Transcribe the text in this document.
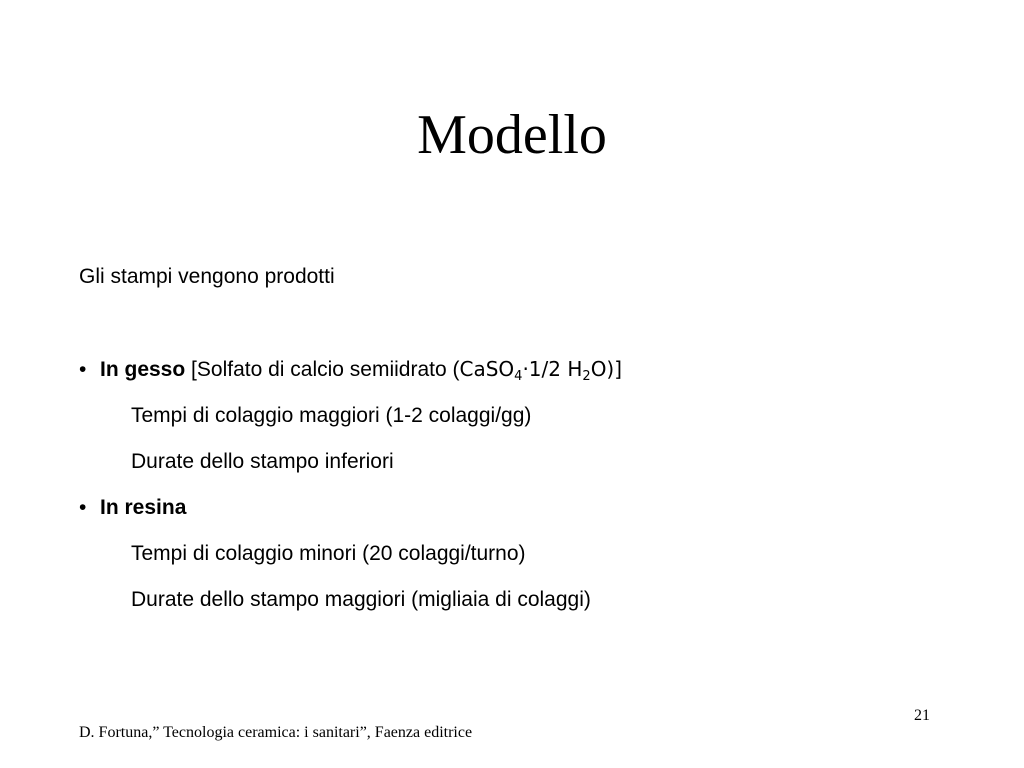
Modello
Gli stampi vengono prodotti
• In gesso [Solfato di calcio semiidrato (CaSO$_4$·1/2 $H_2O$)]
Tempi di colaggio maggiori (1-2 colaggi/gg)
Durate dello stampo inferiori
• In resina
Tempi di colaggio minori (20 colaggi/turno)
Durate dello stampo maggiori (migliaia di colaggi)
D. Fortuna,” Tecnologia ceramica: i sanitari”, Faenza editrice
21
